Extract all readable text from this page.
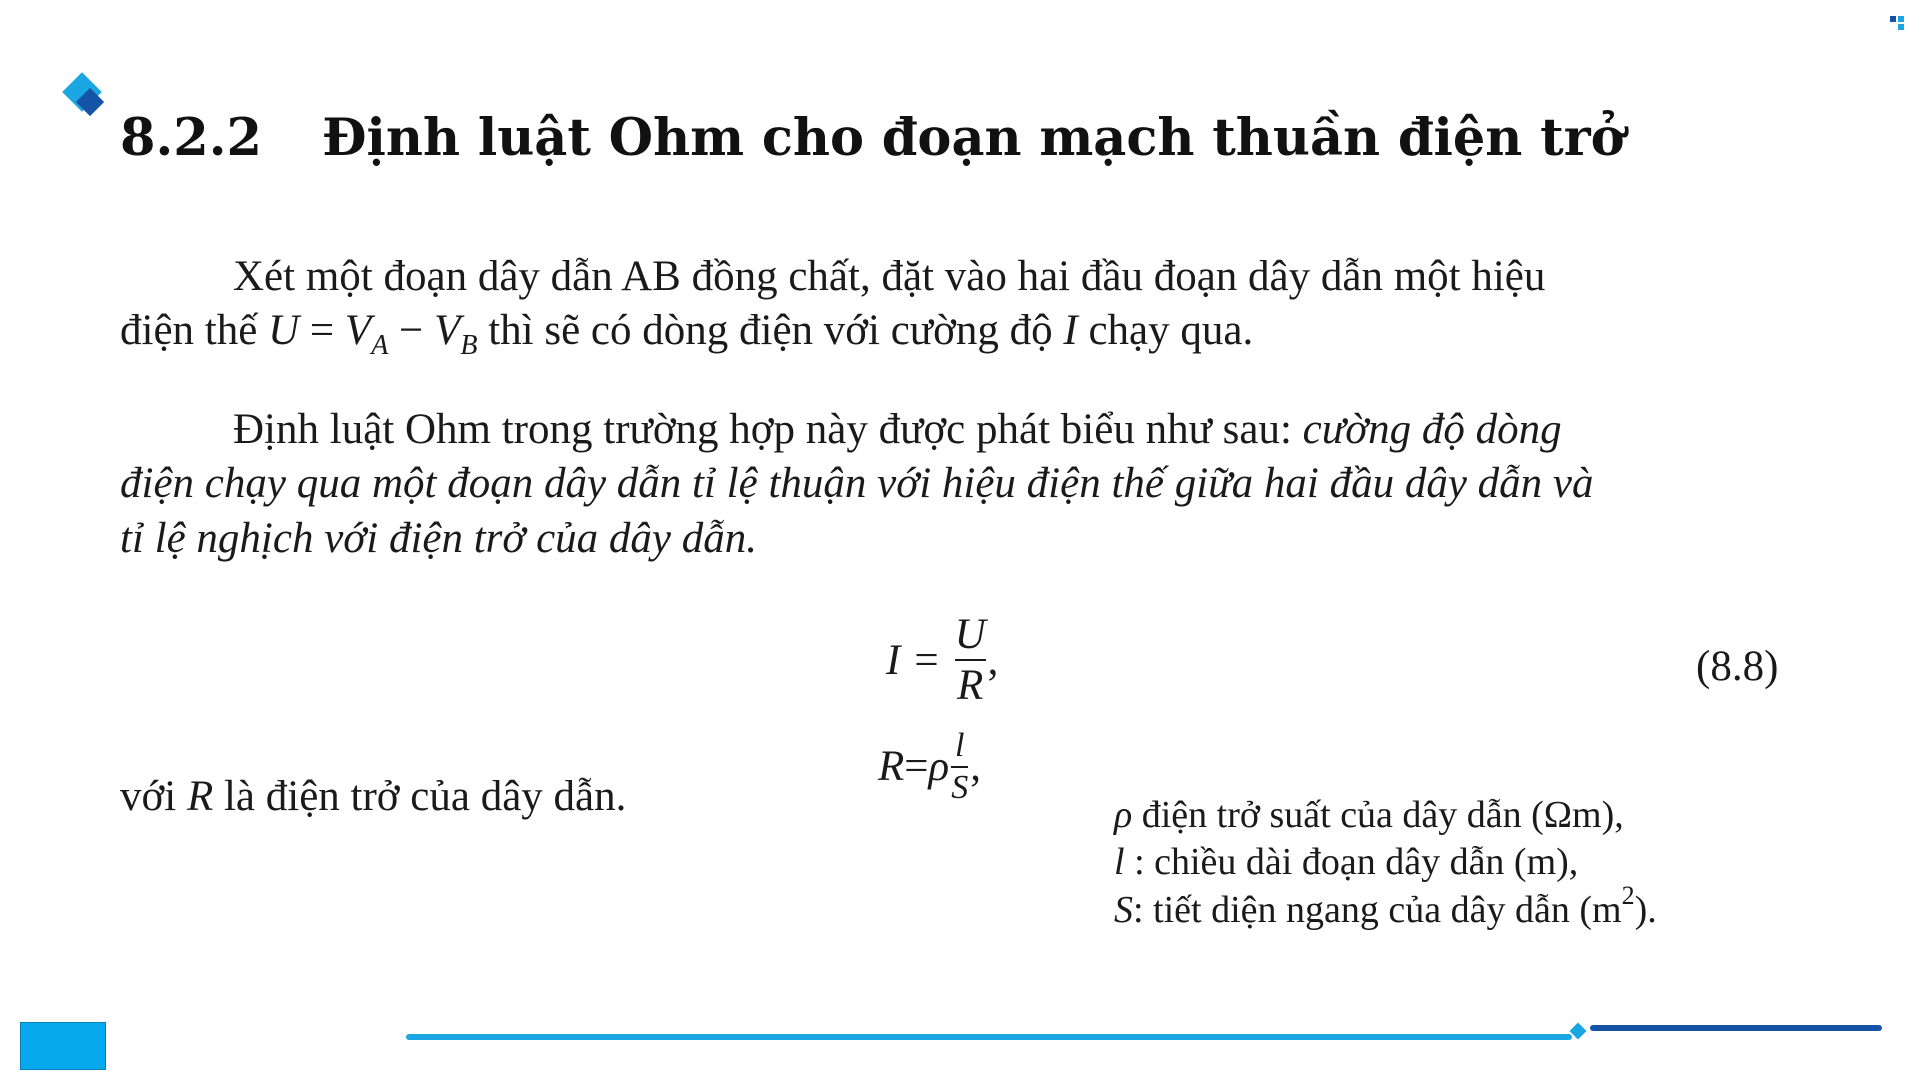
8.2.2 Định luật Ohm cho đoạn mạch thuần điện trở
Xét một đoạn dây dẫn AB đồng chất, đặt vào hai đầu đoạn dây dẫn một hiệu
điện thế $U = V_A - V_B$ thì sẽ có dòng điện với cường độ I chạy qua.
Định luật Ohm trong trường hợp này được phát biểu như sau: cường độ dòng
điện chạy qua một đoạn dây dẫn tỉ lệ thuận với hiệu điện thế giữa hai đầu dây dẫn và
tỉ lệ nghịch với điện trở của dây dẫn.
$I = \frac{U}{R}$ ,	(8.8)
với R là điện trở của dây dẫn.
R = ρ $\frac{l}{S}$ ,
ρ điện trở suất của dây dẫn (Ωm),
l : chiều dài đoạn dây dẫn (m),
S: tiết diện ngang của dây dẫn $(m^2)$.
